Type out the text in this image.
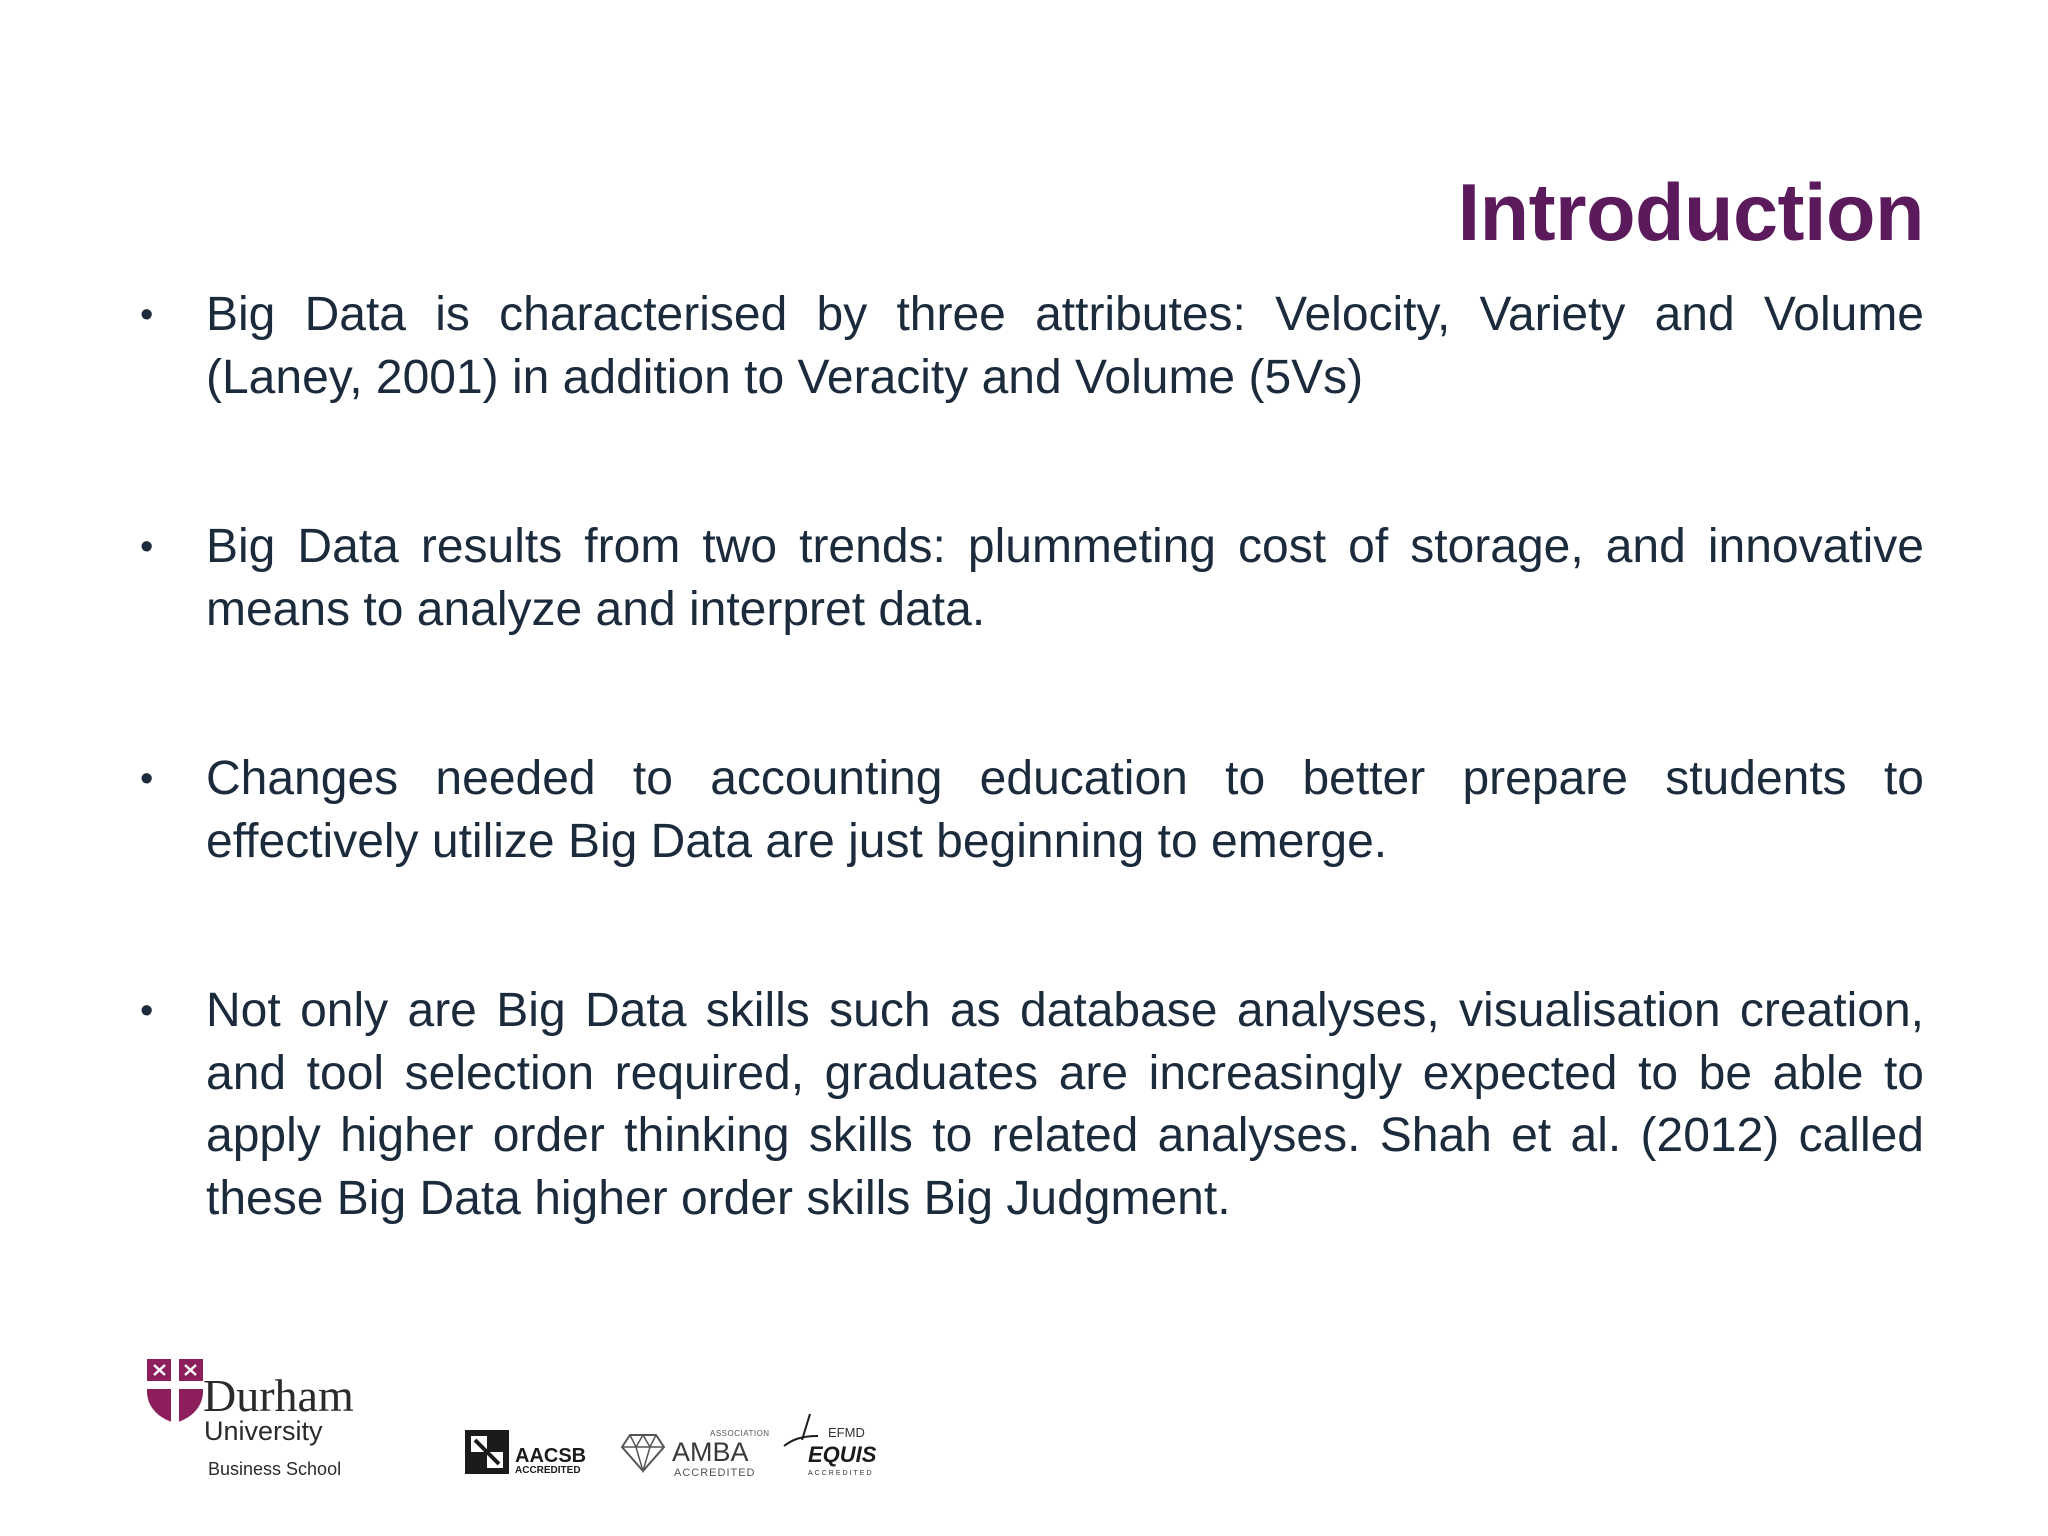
Introduction
• Big Data is characterised by three attributes: Velocity, Variety and Volume (Laney, 2001) in addition to Veracity and Volume (5Vs)
• Big Data results from two trends: plummeting cost of storage, and innovative means to analyze and interpret data.
• Changes needed to accounting education to better prepare students to effectively utilize Big Data are just beginning to emerge.
• Not only are Big Data skills such as database analyses, visualisation creation, and tool selection required, graduates are increasingly expected to be able to apply higher order thinking skills to related analyses. Shah et al. (2012) called these Big Data higher order skills Big Judgment.
Durham
University
Business School
AACSB
ACCREDITED
ASSOCIATION
AMBA
ACCREDITED
EFMD
EQUIS
ACCREDITED
